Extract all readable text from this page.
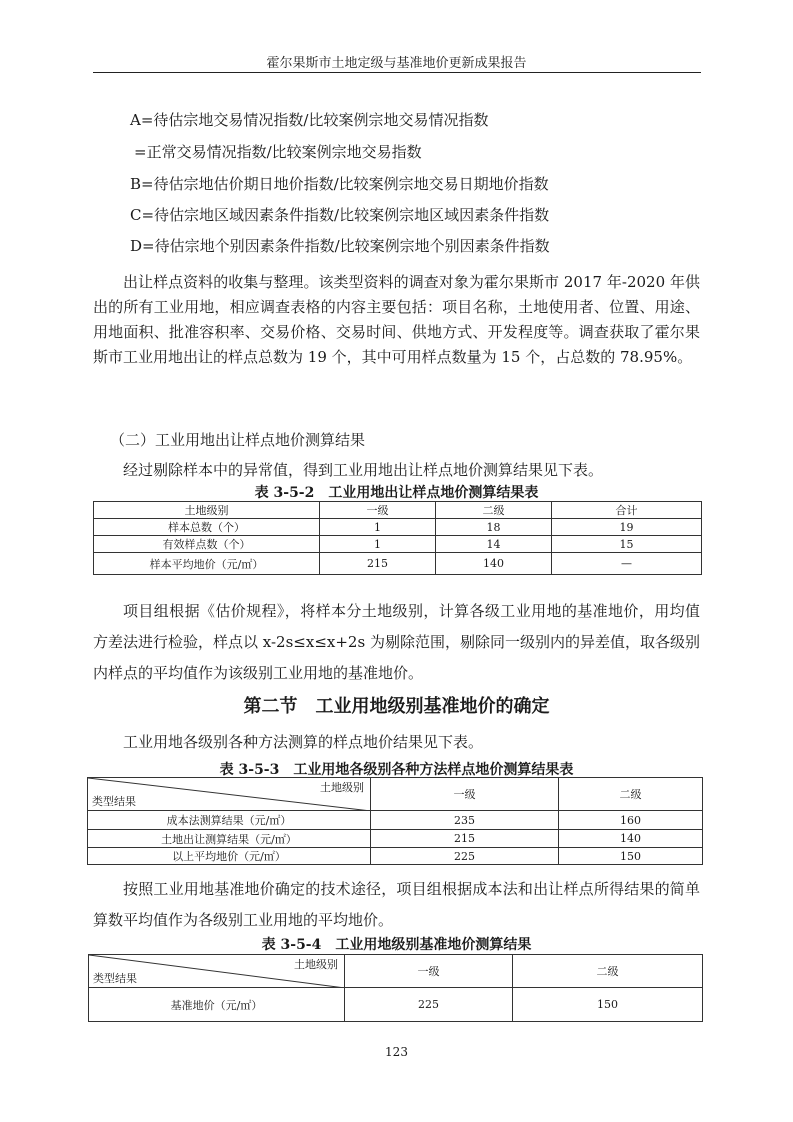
霍尔果斯市土地定级与基准地价更新成果报告
A=待估宗地交易情况指数/比较案例宗地交易情况指数
=正常交易情况指数/比较案例宗地交易指数
B=待估宗地估价期日地价指数/比较案例宗地交易日期地价指数
C=待估宗地区域因素条件指数/比较案例宗地区域因素条件指数
D=待估宗地个别因素条件指数/比较案例宗地个别因素条件指数
出让样点资料的收集与整理。该类型资料的调查对象为霍尔果斯市 2017 年-2020 年供出的所有工业用地，相应调查表格的内容主要包括：项目名称，土地使用者、位置、用途、用地面积、批准容积率、交易价格、交易时间、供地方式、开发程度等。调查获取了霍尔果斯市工业用地出让的样点总数为 19 个，其中可用样点数量为 15 个，占总数的 78.95%。
（二）工业用地出让样点地价测算结果
经过剔除样本中的异常值，得到工业用地出让样点地价测算结果见下表。
表 3-5-2　工业用地出让样点地价测算结果表
土地级别	一级	二级	合计
样本总数（个）	1	18	19
有效样点数（个）	1	14	15
样本平均地价（元/㎡）	215	140	—
项目组根据《估价规程》，将样本分土地级别，计算各级工业用地的基准地价，用均值方差法进行检验，样点以 x-2s≤x≤x+2s 为剔除范围，剔除同一级别内的异差值，取各级别内样点的平均值作为该级别工业用地的基准地价。
第二节　工业用地级别基准地价的确定
工业用地各级别各种方法测算的样点地价结果见下表。
表 3-5-3　工业用地各级别各种方法样点地价测算结果表
土地级别
类型结果	一级	二级
成本法测算结果（元/㎡）	235	160
土地出让测算结果（元/㎡）	215	140
以上平均地价（元/㎡）	225	150
按照工业用地基准地价确定的技术途径，项目组根据成本法和出让样点所得结果的简单算数平均值作为各级别工业用地的平均地价。
表 3-5-4　工业用地级别基准地价测算结果
土地级别
类型结果	一级	二级
基准地价（元/㎡）	225	150
123
